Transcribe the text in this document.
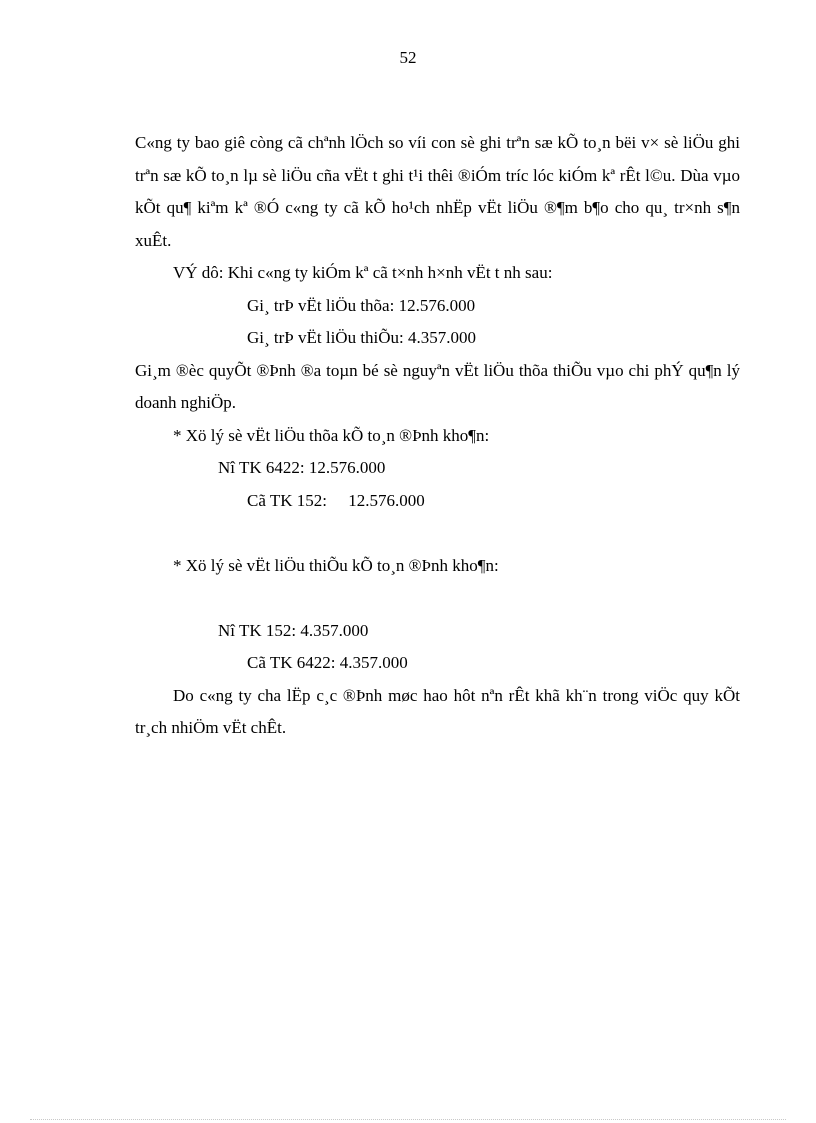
52

C«ng ty bao giê còng cã chªnh lÖch so víi con sè ghi trªn sæ kÕ to¸n bëi v× sè liÖu ghi trªn sæ kÕ to¸n lµ sè liÖu cña vËt t ghi t¹i thêi ®iÓm tríc lóc kiÓm kª rÊt l©u. Dùa vµo kÕt qu¶ kiªm kª ®Ó c«ng ty cã kÕ ho¹ch nhËp vËt liÖu ®¶m b¶o cho qu¸ tr×nh s¶n xuÊt.

VÝ dô: Khi c«ng ty kiÓm kª cã t×nh h×nh vËt t nh sau:

Gi¸ trÞ vËt liÖu thõa: 12.576.000

Gi¸ trÞ vËt liÖu thiÕu: 4.357.000

Gi¸m ®èc quyÕt ®Þnh ®a toµn bé sè nguyªn vËt liÖu thõa thiÕu vµo chi phÝ qu¶n lý doanh nghiÖp.

* Xö lý sè vËt liÖu thõa kÕ to¸n ®Þnh kho¶n:

Nî TK 6422: 12.576.000

Cã TK 152:     12.576.000

* Xö lý sè vËt liÖu thiÕu kÕ to¸n ®Þnh kho¶n:

Nî TK 152: 4.357.000

Cã TK 6422: 4.357.000

Do c«ng ty cha lËp c¸c ®Þnh møc hao hôt nªn rÊt khã kh¨n trong viÖc quy kÕt tr¸ch nhiÖm vËt chÊt.
